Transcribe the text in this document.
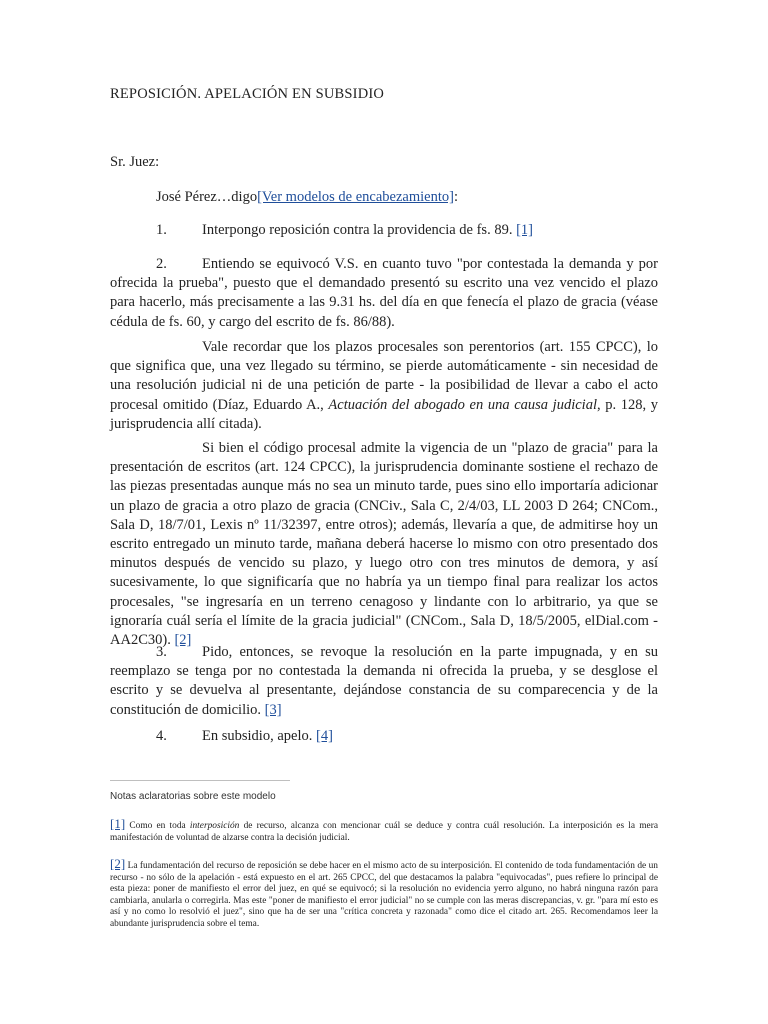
REPOSICIÓN. APELACIÓN EN SUBSIDIO
Sr. Juez:
José Pérez…digo[Ver modelos de encabezamiento]:
1. Interpongo reposición contra la providencia de fs. 89. [1]
2. Entiendo se equivocó V.S. en cuanto tuvo "por contestada la demanda y por ofrecida la prueba", puesto que el demandado presentó su escrito una vez vencido el plazo para hacerlo, más precisamente a las 9.31 hs. del día en que fenecía el plazo de gracia (véase cédula de fs. 60, y cargo del escrito de fs. 86/88).
Vale recordar que los plazos procesales son perentorios (art. 155 CPCC), lo que significa que, una vez llegado su término, se pierde automáticamente - sin necesidad de una resolución judicial ni de una petición de parte - la posibilidad de llevar a cabo el acto procesal omitido (Díaz, Eduardo A., Actuación del abogado en una causa judicial, p. 128, y jurisprudencia allí citada).
Si bien el código procesal admite la vigencia de un "plazo de gracia" para la presentación de escritos (art. 124 CPCC), la jurisprudencia dominante sostiene el rechazo de las piezas presentadas aunque más no sea un minuto tarde, pues sino ello importaría adicionar un plazo de gracia a otro plazo de gracia (CNCiv., Sala C, 2/4/03, LL 2003 D 264; CNCom., Sala D, 18/7/01, Lexis nº 11/32397, entre otros); además, llevaría a que, de admitirse hoy un escrito entregado un minuto tarde, mañana deberá hacerse lo mismo con otro presentado dos minutos después de vencido su plazo, y luego otro con tres minutos de demora, y así sucesivamente, lo que significaría que no habría ya un tiempo final para realizar los actos procesales, "se ingresaría en un terreno cenagoso y lindante con lo arbitrario, ya que se ignoraría cuál sería el límite de la gracia judicial" (CNCom., Sala D, 18/5/2005, elDial.com - AA2C30). [2]
3. Pido, entonces, se revoque la resolución en la parte impugnada, y en su reemplazo se tenga por no contestada la demanda ni ofrecida la prueba, y se desglose el escrito y se devuelva al presentante, dejándose constancia de su comparecencia y de la constitución de domicilio. [3]
4. En subsidio, apelo. [4]
Notas aclaratorias sobre este modelo
[1] Como en toda interposición de recurso, alcanza con mencionar cuál se deduce y contra cuál resolución. La interposición es la mera manifestación de voluntad de alzarse contra la decisión judicial.
[2] La fundamentación del recurso de reposición se debe hacer en el mismo acto de su interposición. El contenido de toda fundamentación de un recurso - no sólo de la apelación - está expuesto en el art. 265 CPCC, del que destacamos la palabra "equivocadas", pues refiere lo principal de esta pieza: poner de manifiesto el error del juez, en qué se equivocó; si la resolución no evidencia yerro alguno, no habrá ninguna razón para cambiarla, anularla o corregirla. Mas este "poner de manifiesto el error judicial" no se cumple con las meras discrepancias, v. gr. "para mí esto es así y no como lo resolvió el juez", sino que ha de ser una "crítica concreta y razonada" como dice el citado art. 265. Recomendamos leer la abundante jurisprudencia sobre el tema.
